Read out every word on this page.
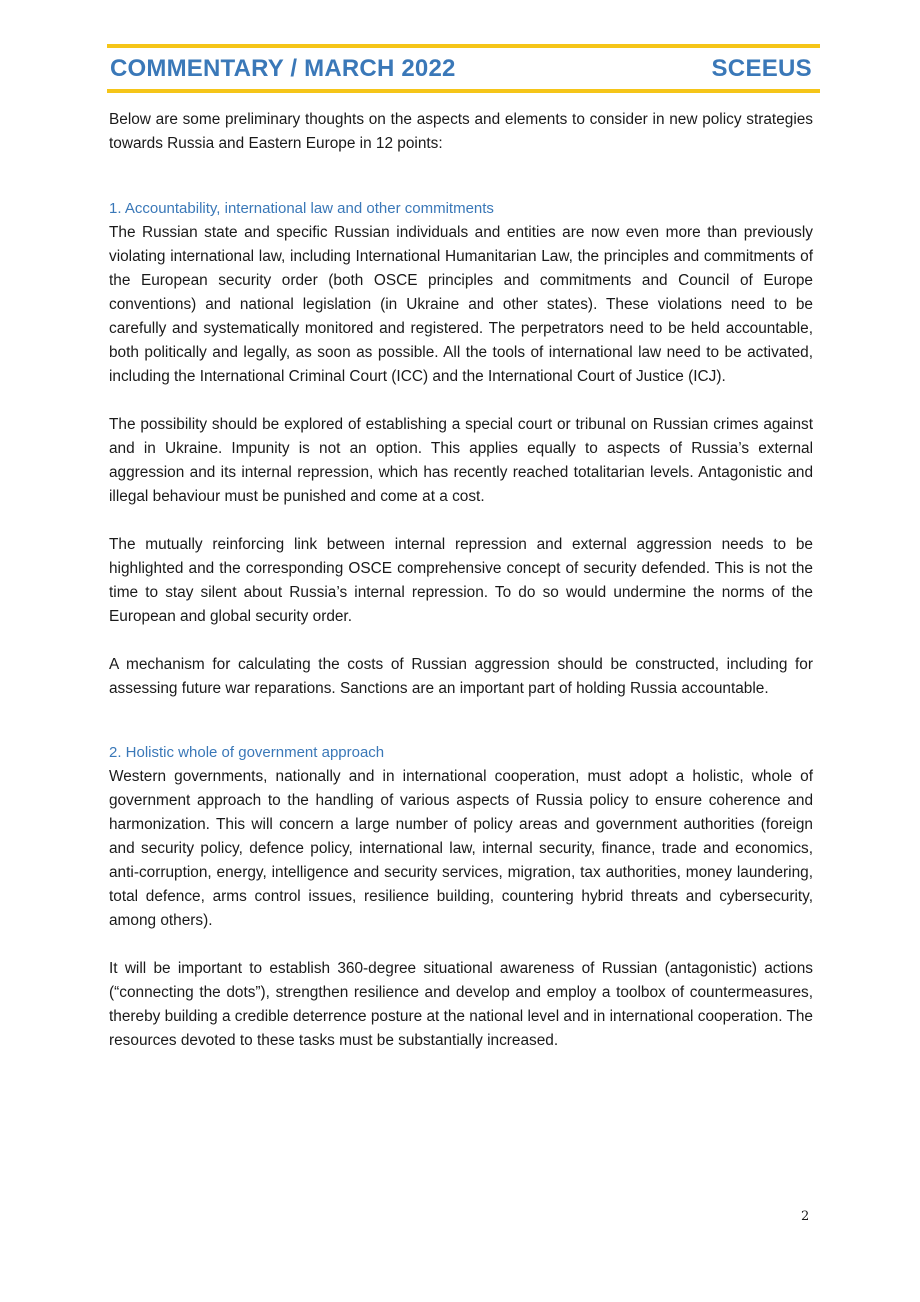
COMMENTARY / MARCH 2022	SCEEUS

Below are some preliminary thoughts on the aspects and elements to consider in new policy strategies towards Russia and Eastern Europe in 12 points:

1. Accountability, international law and other commitments

The Russian state and specific Russian individuals and entities are now even more than previously violating international law, including International Humanitarian Law, the principles and commitments of the European security order (both OSCE principles and commitments and Council of Europe conventions) and national legislation (in Ukraine and other states). These violations need to be carefully and systematically monitored and registered. The perpetrators need to be held accountable, both politically and legally, as soon as possible. All the tools of international law need to be activated, including the International Criminal Court (ICC) and the International Court of Justice (ICJ).

The possibility should be explored of establishing a special court or tribunal on Russian crimes against and in Ukraine. Impunity is not an option. This applies equally to aspects of Russia’s external aggression and its internal repression, which has recently reached totalitarian levels. Antagonistic and illegal behaviour must be punished and come at a cost.

The mutually reinforcing link between internal repression and external aggression needs to be highlighted and the corresponding OSCE comprehensive concept of security defended. This is not the time to stay silent about Russia’s internal repression. To do so would undermine the norms of the European and global security order.

A mechanism for calculating the costs of Russian aggression should be constructed, including for assessing future war reparations. Sanctions are an important part of holding Russia accountable.

2. Holistic whole of government approach

Western governments, nationally and in international cooperation, must adopt a holistic, whole of government approach to the handling of various aspects of Russia policy to ensure coherence and harmonization. This will concern a large number of policy areas and government authorities (foreign and security policy, defence policy, international law, internal security, finance, trade and economics, anti-corruption, energy, intelligence and security services, migration, tax authorities, money laundering, total defence, arms control issues, resilience building, countering hybrid threats and cybersecurity, among others).

It will be important to establish 360-degree situational awareness of Russian (antagonistic) actions (“connecting the dots”), strengthen resilience and develop and employ a toolbox of countermeasures, thereby building a credible deterrence posture at the national level and in international cooperation. The resources devoted to these tasks must be substantially increased.

2
